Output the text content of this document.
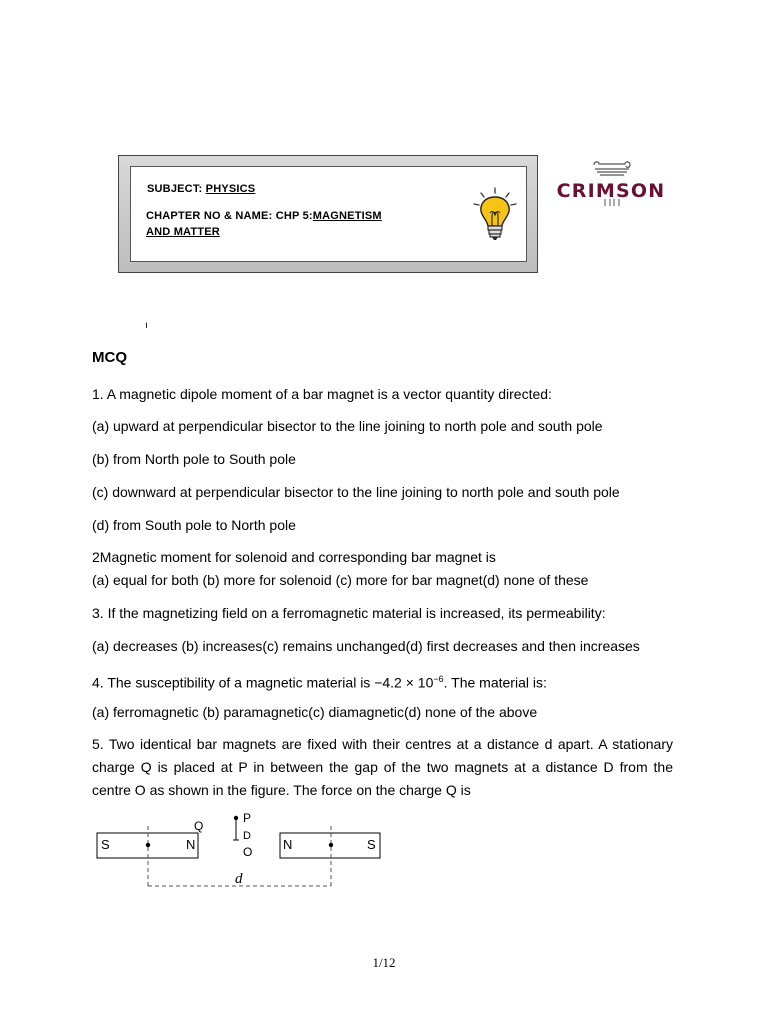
SUBJECT: PHYSICS
CHAPTER NO & NAME: CHP 5:MAGNETISM
AND MATTER
CRIMSON
ı
MCQ
1. A magnetic dipole moment of a bar magnet is a vector quantity directed:
(a) upward at perpendicular bisector to the line joining to north pole and south pole
(b) from North pole to South pole
(c) downward at perpendicular bisector to the line joining to north pole and south pole
(d) from South pole to North pole
2Magnetic moment for solenoid and corresponding bar magnet is
(a) equal for both (b) more for solenoid (c) more for bar magnet(d) none of these
3. If the magnetizing field on a ferromagnetic material is increased, its permeability:
(a) decreases (b) increases(c) remains unchanged(d) first decreases and then increases
4. The susceptibility of a magnetic material is $-4.2 \times 10^{-6}$. The material is:
(a) ferromagnetic (b) paramagnetic(c) diamagnetic(d) none of the above
5. Two identical bar magnets are fixed with their centres at a distance d apart. A stationary charge Q is placed at P in between the gap of the two magnets at a distance D from the centre O as shown in the figure. The force on the charge Q is
S	N	N	S
Q
P
D
O
d
1/12
